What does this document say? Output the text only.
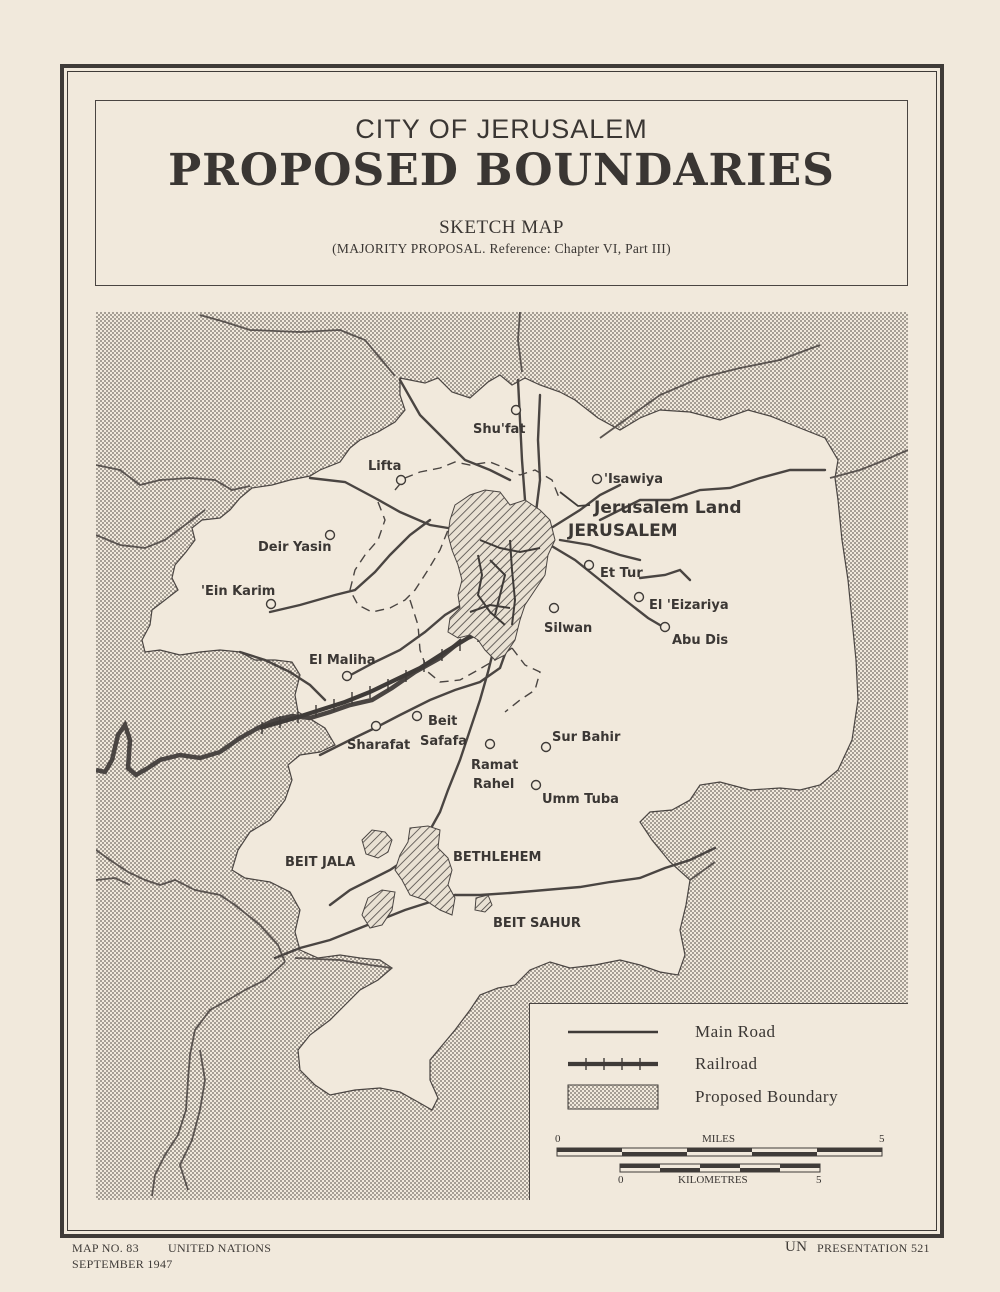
CITY OF JERUSALEM
PROPOSED BOUNDARIES
SKETCH MAP
(MAJORITY PROPOSAL. Reference: Chapter VI, Part III)
Shu'fat
Lifta
'Isawiya
Jerusalem Land
JERUSALEM
Deir Yasin
Et Tur
'Ein Karim
El 'Eizariya
Silwan
Abu Dis
El Maliha
Beit
Safafa
Sharafat
Sur Bahir
Ramat
Rahel
Umm Tuba
BEIT JALA	BETHLEHEM
BEIT SAHUR
Main Road
Railroad
Proposed Boundary
0	MILES	5
0	KILOMETRES	5
MAP NO. 83 UNITED NATIONS
SEPTEMBER 1947
UN PRESENTATION 521
